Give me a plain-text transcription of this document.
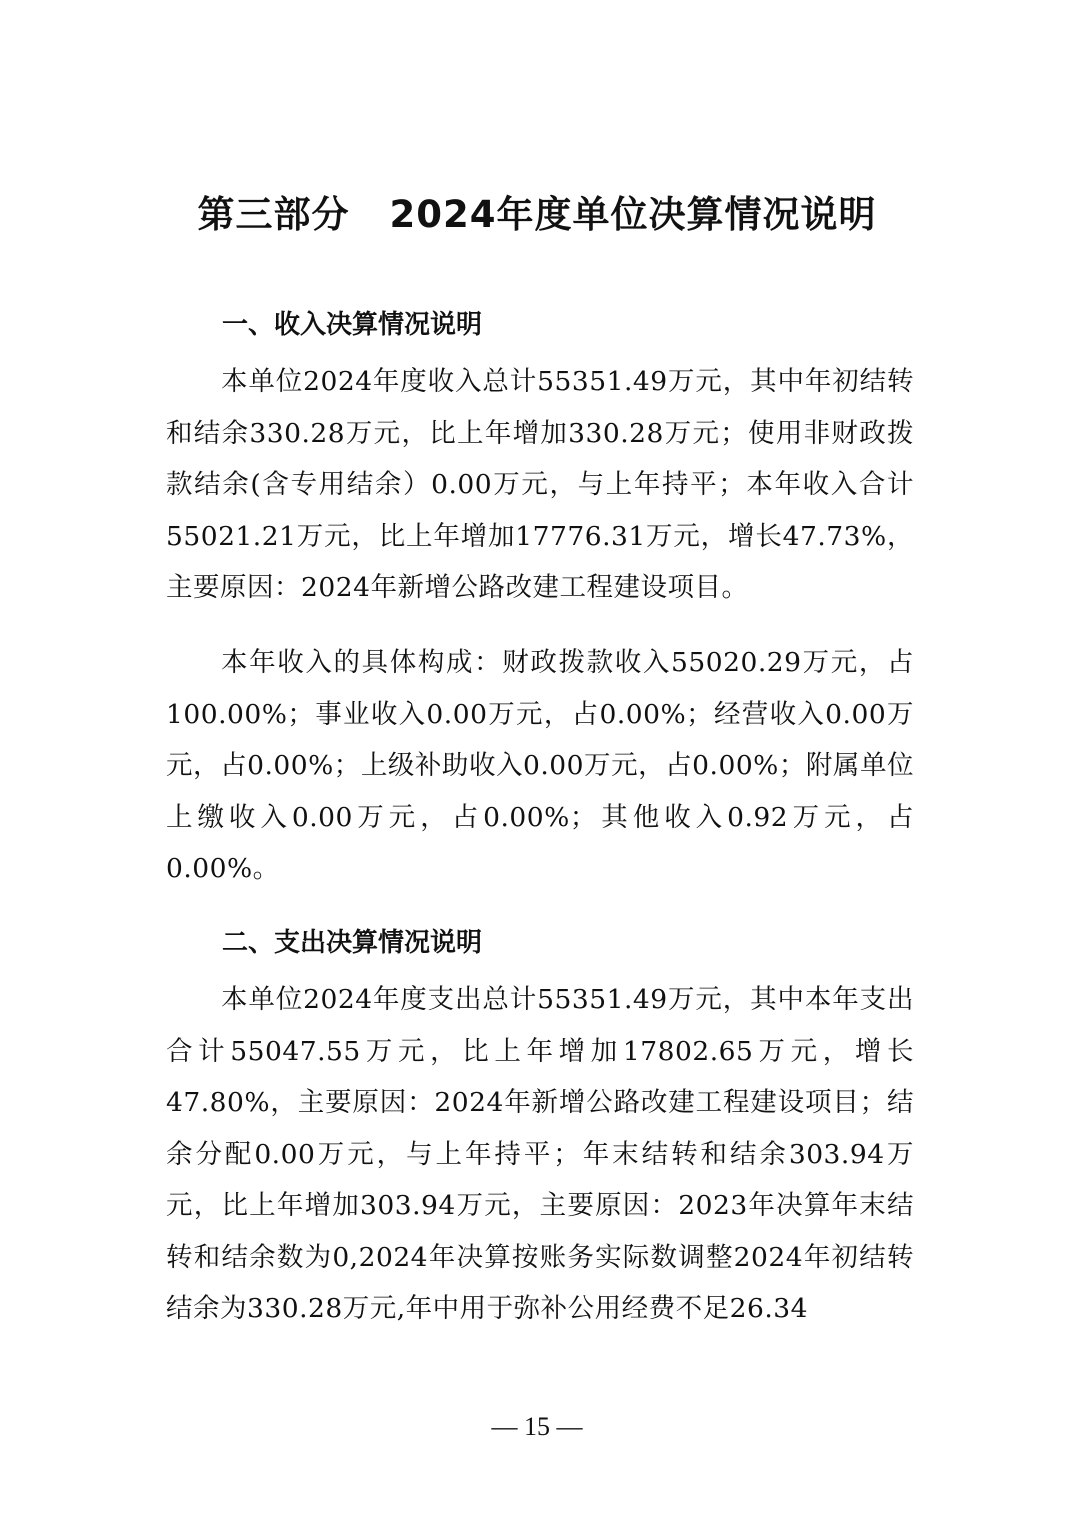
第三部分 2024年度单位决算情况说明
一、收入决算情况说明

本单位2024年度收入总计55351.49万元，其中年初结转和结余330.28万元，比上年增加330.28万元；使用非财政拨款结余(含专用结余）0.00万元，与上年持平；本年收入合计55021.21万元，比上年增加17776.31万元，增长47.73%，主要原因：2024年新增公路改建工程建设项目。

本年收入的具体构成：财政拨款收入55020.29万元，占100.00%；事业收入0.00万元，占0.00%；经营收入0.00万元，占0.00%；上级补助收入0.00万元，占0.00%；附属单位上缴收入0.00万元，占0.00%；其他收入0.92万元，占0.00%。

二、支出决算情况说明

本单位2024年度支出总计55351.49万元，其中本年支出合计55047.55万元，比上年增加17802.65万元，增长47.80%，主要原因：2024年新增公路改建工程建设项目；结余分配0.00万元，与上年持平；年末结转和结余303.94万元，比上年增加303.94万元，主要原因：2023年决算年末结转和结余数为0,2024年决算按账务实际数调整2024年初结转结余为330.28万元,年中用于弥补公用经费不足26.34

— 15 —
